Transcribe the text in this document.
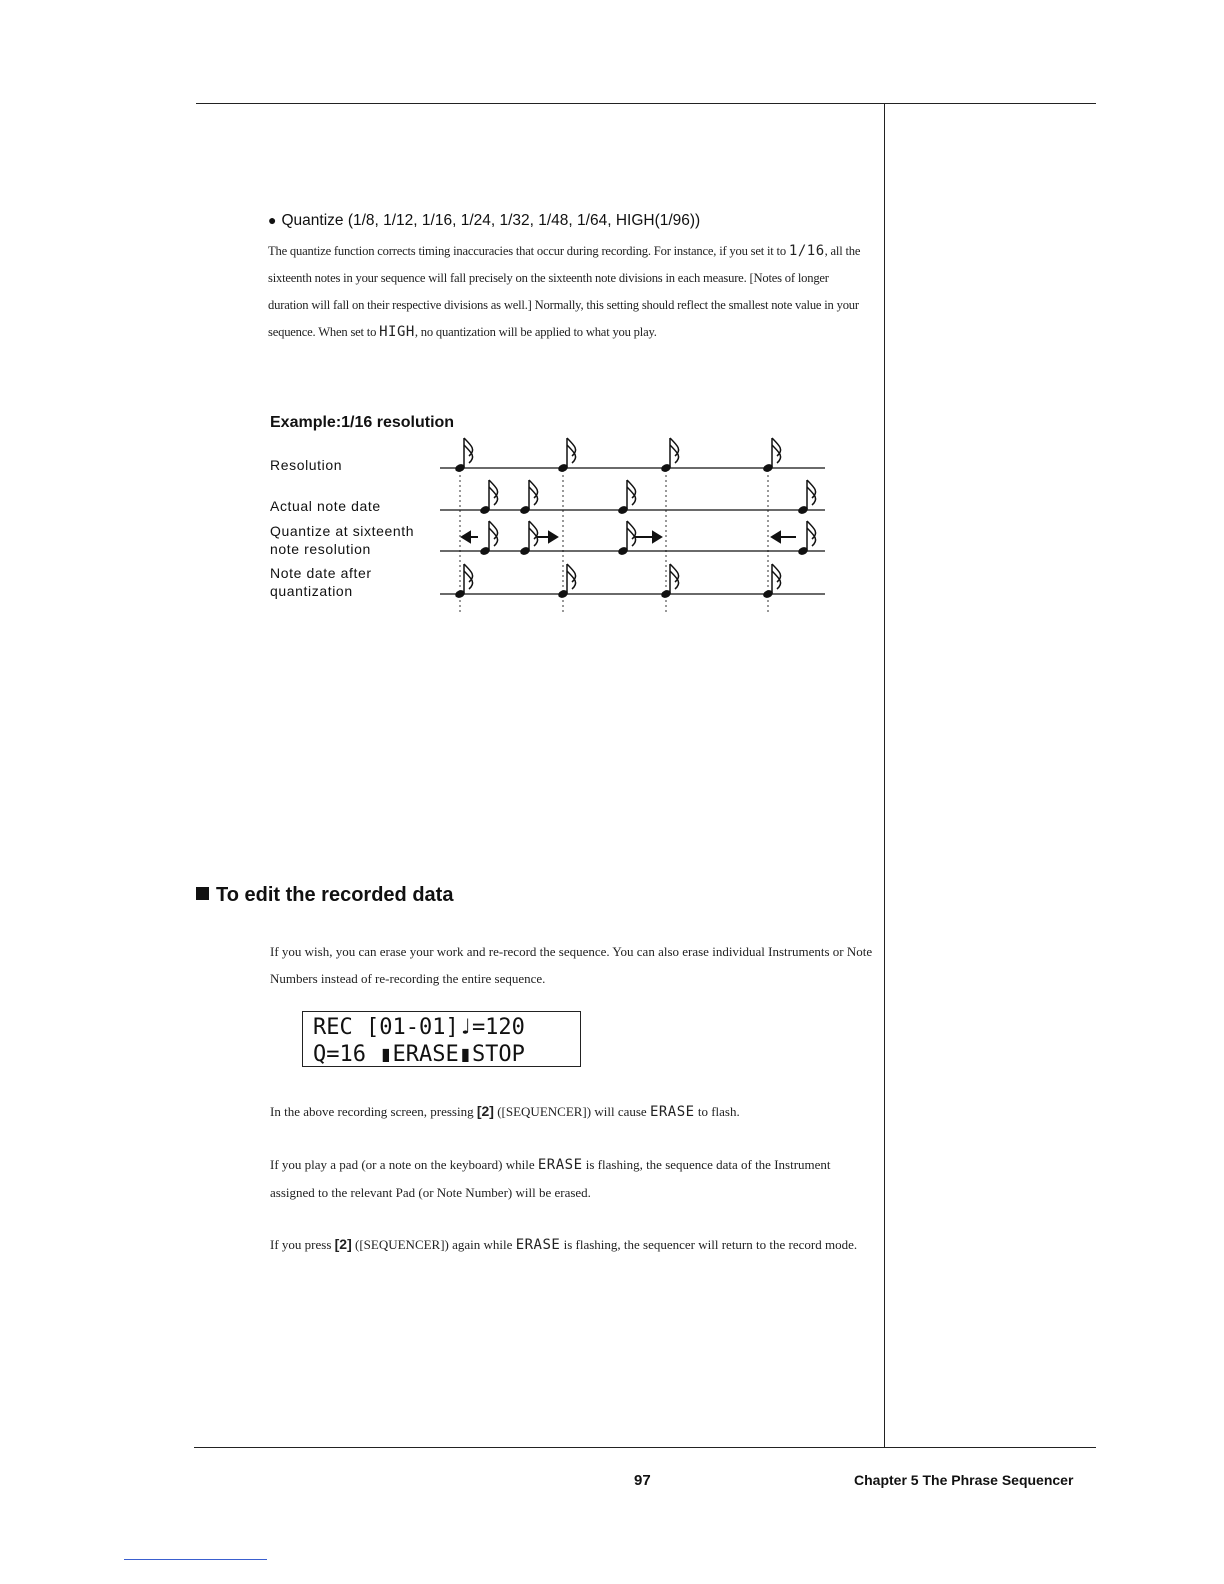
● Quantize (1/8, 1/12, 1/16, 1/24, 1/32, 1/48, 1/64, HIGH(1/96))
The quantize function corrects timing inaccuracies that occur during recording. For instance, if you set it to 1/16, all the sixteenth notes in your sequence will fall precisely on the sixteenth note divisions in each measure. [Notes of longer duration will fall on their respective divisions as well.] Normally, this setting should reflect the smallest note value in your sequence. When set to HIGH, no quantization will be applied to what you play.
Example:1/16 resolution
Resolution
Actual note date
Quantize at sixteenth
note resolution
Note date after
quantization
To edit the recorded data
If you wish, you can erase your work and re-record the sequence. You can also erase individual Instruments or Note Numbers instead of re-recording the entire sequence.
REC [01-01]♩=120
Q=16 ▮ERASE▮STOP
In the above recording screen, pressing [2] ([SEQUENCER]) will cause ERASE to flash.
If you play a pad (or a note on the keyboard) while ERASE is flashing, the sequence data of the Instrument assigned to the relevant Pad (or Note Number) will be erased.
If you press [2] ([SEQUENCER]) again while ERASE is flashing, the sequencer will return to the record mode.
97	Chapter 5 The Phrase Sequencer
